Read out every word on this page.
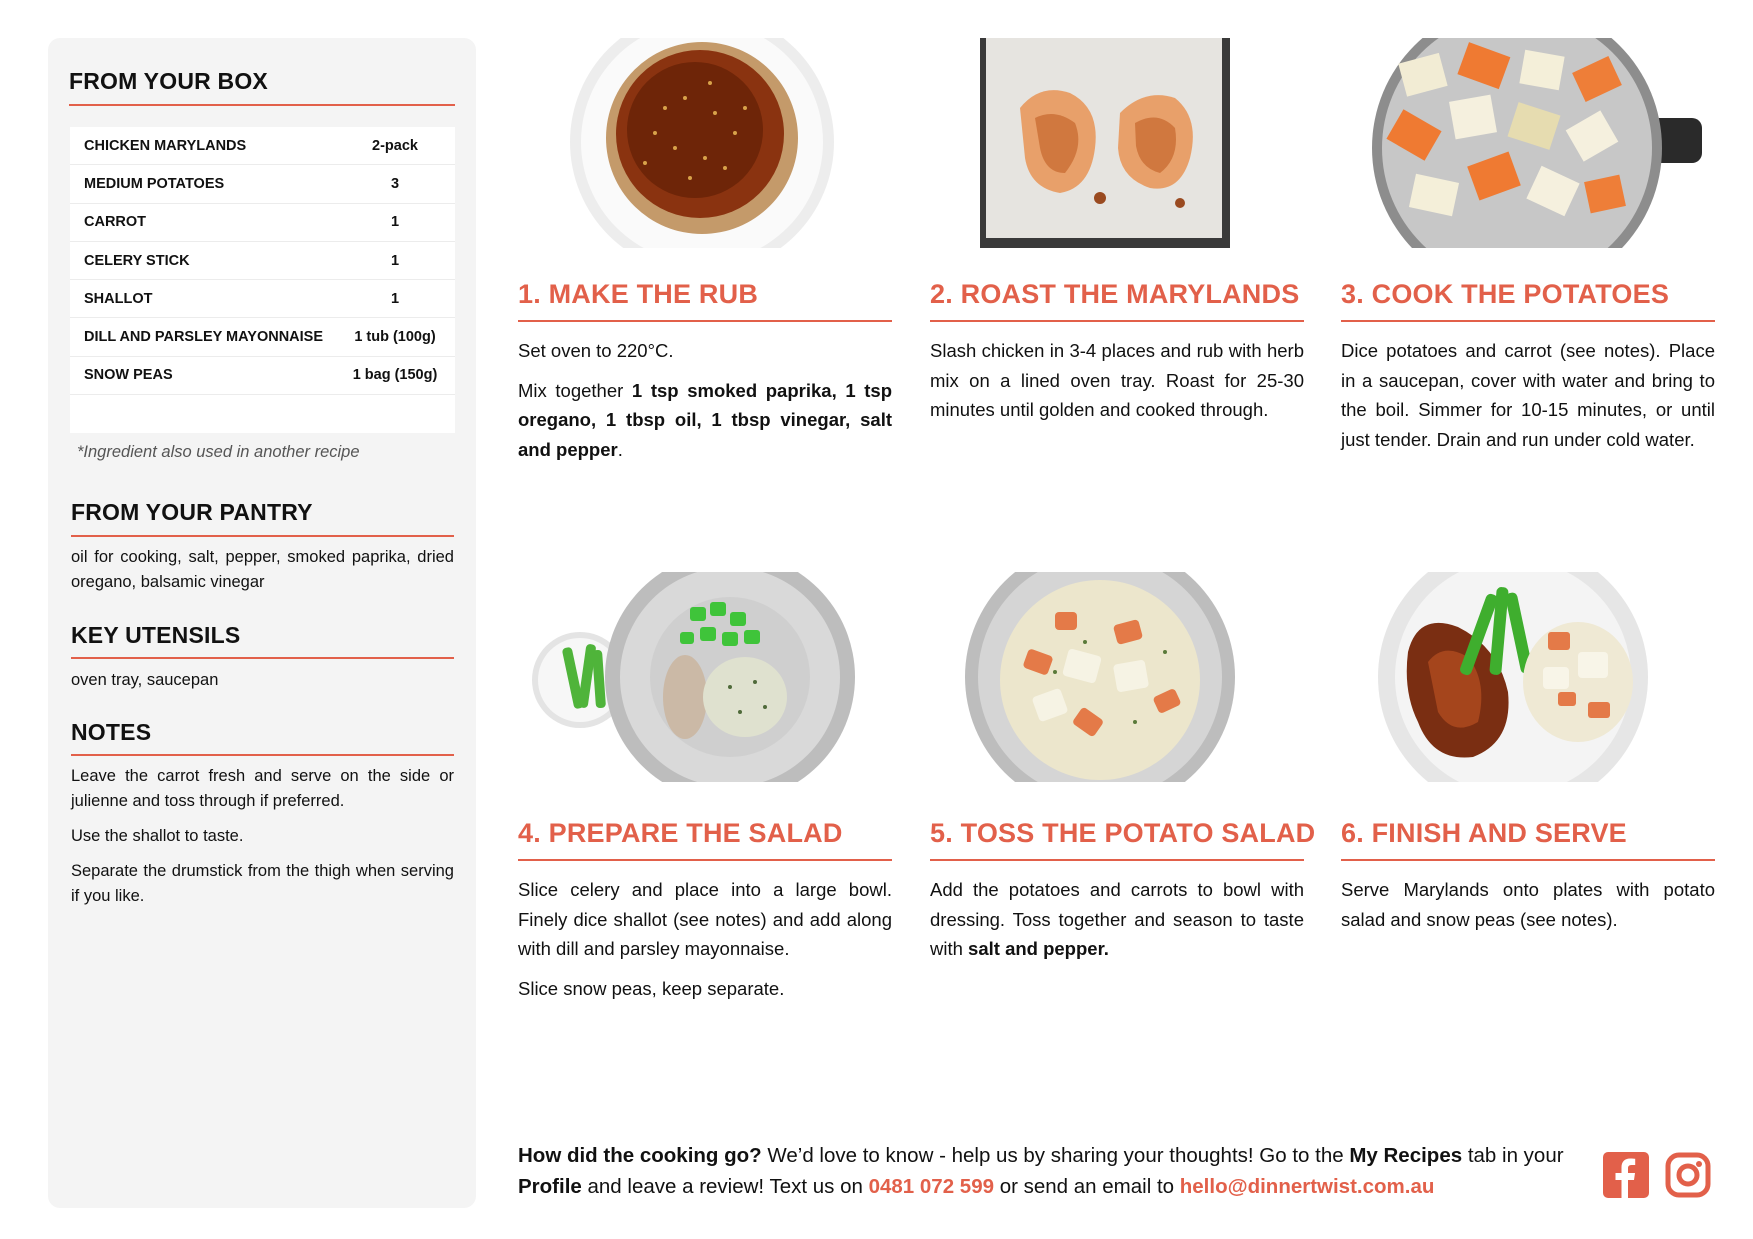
FROM YOUR BOX
CHICKEN MARYLANDS	2-pack
MEDIUM POTATOES	3
CARROT	1
CELERY STICK	1
SHALLOT	1
DILL AND PARSLEY MAYONNAISE	1 tub (100g)
SNOW PEAS	1 bag (150g)
*Ingredient also used in another recipe
FROM YOUR PANTRY
oil for cooking, salt, pepper, smoked paprika, dried oregano, balsamic vinegar
KEY UTENSILS
oven tray, saucepan
NOTES

Leave the carrot fresh and serve on the side or julienne and toss through if preferred.

Use the shallot to taste.

Separate the drumstick from the thigh when serving if you like.

1. MAKE THE RUB

Set oven to 220°C.

Mix together 1 tsp smoked paprika, 1 tsp oregano, 1 tbsp oil, 1 tbsp vinegar, salt and pepper.

2. ROAST THE MARYLANDS

Slash chicken in 3-4 places and rub with herb mix on a lined oven tray. Roast for 25-30 minutes until golden and cooked through.

3. COOK THE POTATOES

Dice potatoes and carrot (see notes). Place in a saucepan, cover with water and bring to the boil. Simmer for 10-15 minutes, or until just tender. Drain and run under cold water.

4. PREPARE THE SALAD

Slice celery and place into a large bowl. Finely dice shallot (see notes) and add along with dill and parsley mayonnaise.

Slice snow peas, keep separate.

5. TOSS THE POTATO SALAD

Add the potatoes and carrots to bowl with dressing. Toss together and season to taste with salt and pepper.

6. FINISH AND SERVE

Serve Marylands onto plates with potato salad and snow peas (see notes).

How did the cooking go? We’d love to know - help us by sharing your thoughts! Go to the My Recipes tab in your Profile and leave a review! Text us on 0481 072 599 or send an email to hello@dinnertwist.com.au
